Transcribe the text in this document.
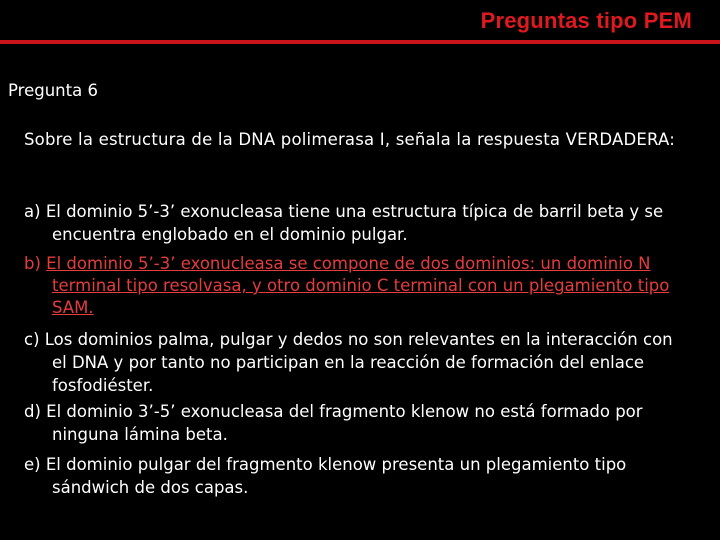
Preguntas tipo PEM
Pregunta 6
Sobre la estructura de la DNA polimerasa I, señala la respuesta VERDADERA:
a) El dominio 5’-3’ exonucleasa tiene una estructura típica de barril beta y se encuentra englobado en el dominio pulgar.
b) El dominio 5’-3’ exonucleasa se compone de dos dominios: un dominio N terminal tipo resolvasa, y otro dominio C terminal con un plegamiento tipo SAM.
c) Los dominios palma, pulgar y dedos no son relevantes en la interacción con el DNA y por tanto no participan en la reacción de formación del enlace fosfodiéster.
d) El dominio 3’-5’ exonucleasa del fragmento klenow no está formado por ninguna lámina beta.
e) El dominio pulgar del fragmento klenow presenta un plegamiento tipo sándwich de dos capas.
